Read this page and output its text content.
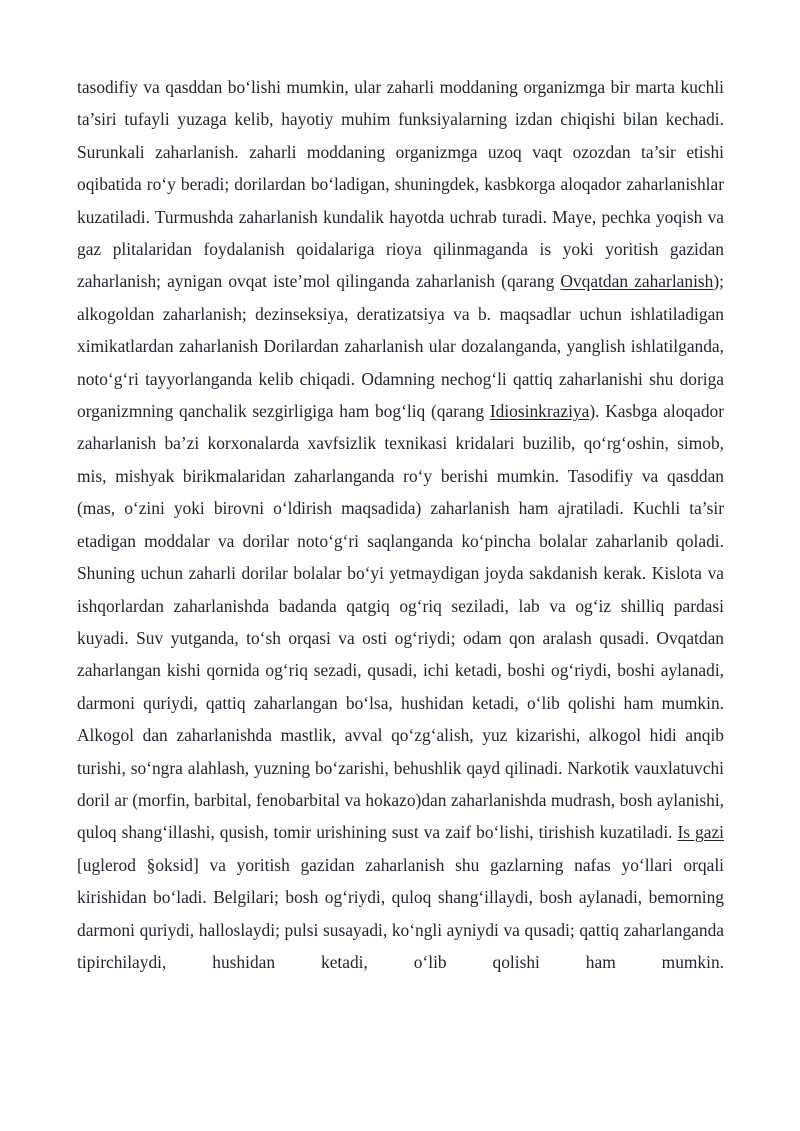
tasodifiy va qasddan bo‘lishi mumkin, ular zaharli moddaning organizmga bir marta kuchli ta’siri tufayli yuzaga kelib, hayotiy muhim funksiyalarning izdan chiqishi bilan kechadi. Surunkali zaharlanish. zaharli moddaning organizmga uzoq vaqt ozozdan ta’sir etishi oqibatida ro‘y beradi; dorilardan bo‘ladigan, shuningdek, kasbkorga aloqador zaharlanishlar kuzatiladi. Turmushda zaharlanish kundalik hayotda uchrab turadi. Maye, pechka yoqish va gaz plitalaridan foydalanish qoidalariga rioya qilinmaganda is yoki yoritish gazidan zaharlanish; aynigan ovqat iste’mol qilinganda zaharlanish (qarang Ovqatdan zaharlanish); alkogoldan zaharlanish; dezinseksiya, deratizatsiya va b. maqsadlar uchun ishlatiladigan ximikatlardan zaharlanish Dorilardan zaharlanish ular dozalanganda, yanglish ishlatilganda, noto‘g‘ri tayyorlanganda kelib chiqadi. Odamning nechog‘li qattiq zaharlanishi shu doriga organizmning qanchalik sezgirligiga ham bog‘liq (qarang Idiosinkraziya). Kasbga aloqador zaharlanish ba’zi korxonalarda xavfsizlik texnikasi kridalari buzilib, qo‘rg‘oshin, simob, mis, mishyak birikmalaridan zaharlanganda ro‘y berishi mumkin. Tasodifiy va qasddan (mas, o‘zini yoki birovni o‘ldirish maqsadida) zaharlanish ham ajratiladi. Kuchli ta’sir etadigan moddalar va dorilar noto‘g‘ri saqlanganda ko‘pincha bolalar zaharlanib qoladi. Shuning uchun zaharli dorilar bolalar bo‘yi yetmaydigan joyda sakdanish kerak. Kislota va ishqorlardan zaharlanishda badanda qatgiq og‘riq seziladi, lab va og‘iz shilliq pardasi kuyadi. Suv yutganda, to‘sh orqasi va osti og‘riydi; odam qon aralash qusadi. Ovqatdan zaharlangan kishi qornida og‘riq sezadi, qusadi, ichi ketadi, boshi og‘riydi, boshi aylanadi, darmoni quriydi, qattiq zaharlangan bo‘lsa, hushidan ketadi, o‘lib qolishi ham mumkin. Alkogol dan zaharlanishda mastlik, avval qo‘zg‘alish, yuz kizarishi, alkogol hidi anqib turishi, so‘ngra alahlash, yuzning bo‘zarishi, behushlik qayd qilinadi. Narkotik vauxlatuvchi doril ar (morfin, barbital, fenobarbital va hokazo)dan zaharlanishda mudrash, bosh aylanishi, quloq shang‘illashi, qusish, tomir urishining sust va zaif bo‘lishi, tirishish kuzatiladi. Is gazi [uglerod §oksid] va yoritish gazidan zaharlanish shu gazlarning nafas yo‘llari orqali kirishidan bo‘ladi. Belgilari; bosh og‘riydi, quloq shang‘illaydi, bosh aylanadi, bemorning darmoni quriydi, halloslaydi; pulsi susayadi, ko‘ngli ayniydi va qusadi; qattiq zaharlanganda tipirchilaydi, hushidan ketadi, o‘lib qolishi ham mumkin.
